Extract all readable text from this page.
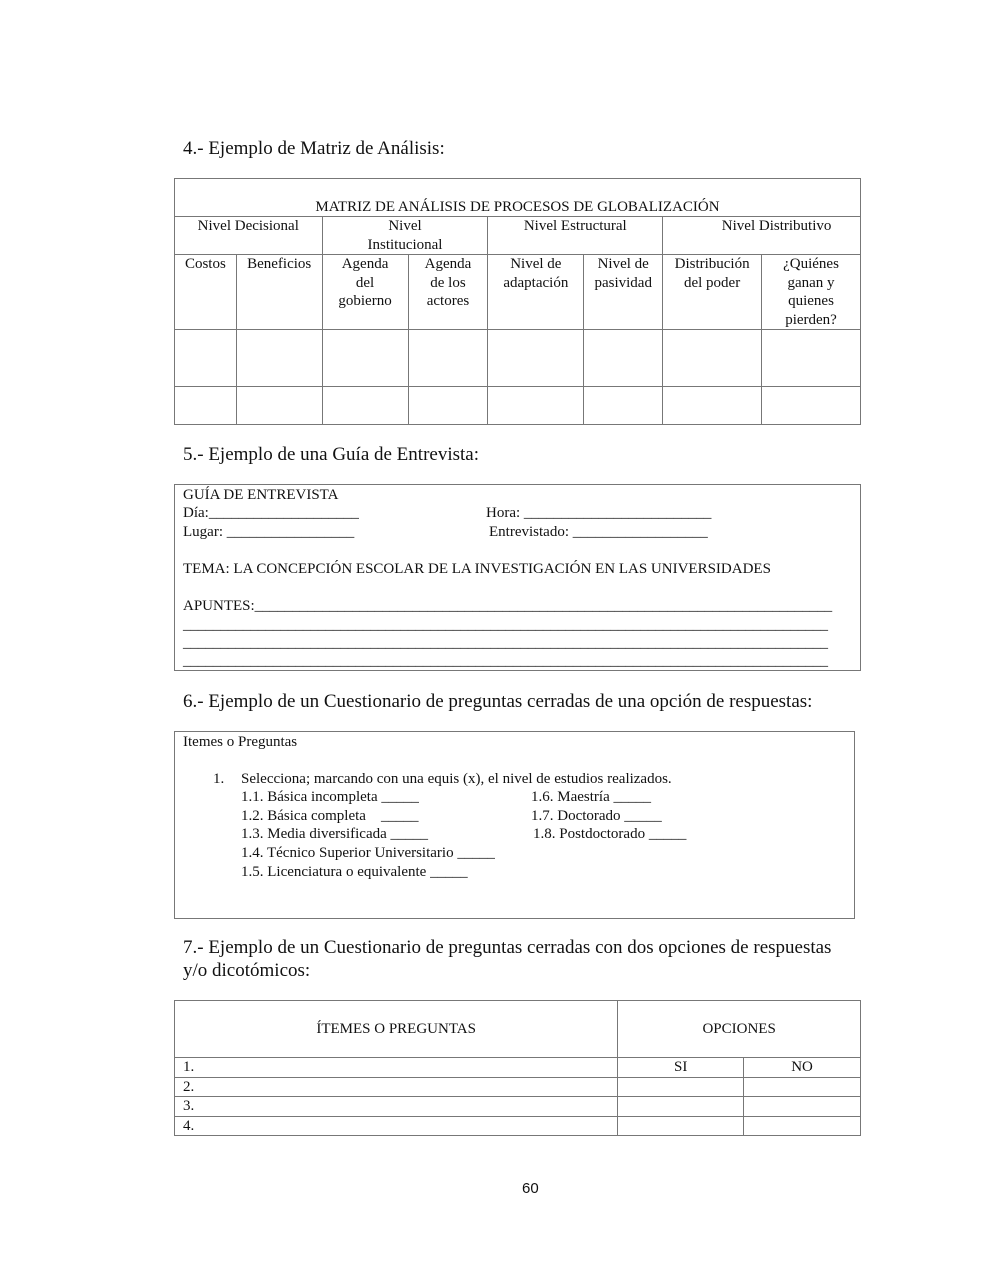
4.- Ejemplo de Matriz de Análisis:
MATRIZ DE ANÁLISIS DE PROCESOS DE GLOBALIZACIÓN							
Nivel Decisional		Nivel Institucional		Nivel Estructural		Nivel Distributivo	
Costos	Beneficios	Agenda del gobierno	Agenda de los actores	Nivel de adaptación	Nivel de pasividad	Distribución del poder	¿Quiénes ganan y quienes pierden?

5.- Ejemplo de una Guía de Entrevista:
GUÍA DE ENTREVISTA
Día:____________________	Hora: _________________________
Lugar: _________________	Entrevistado: __________________
TEMA: LA CONCEPCIÓN ESCOLAR DE LA INVESTIGACIÓN EN LAS UNIVERSIDADES
APUNTES:_____________________________________________________________________________
______________________________________________________________________________________
______________________________________________________________________________________
______________________________________________________________________________________
6.- Ejemplo de un Cuestionario de preguntas cerradas de una opción de respuestas:
Itemes o Preguntas
1. Selecciona; marcando con una equis (x), el nivel de estudios realizados.
1.1. Básica incompleta _____
1.2. Básica completa    _____
1.3. Media diversificada _____
1.4. Técnico Superior Universitario _____
1.5. Licenciatura o equivalente _____
1.6. Maestría _____
1.7. Doctorado _____
1.8. Postdoctorado _____
7.- Ejemplo de un Cuestionario de preguntas cerradas con dos opciones de respuestas
y/o dicotómicos:
ÍTEMES O PREGUNTAS	OPCIONES	
1.	SI	NO
2.		
3.		
4.		
60
